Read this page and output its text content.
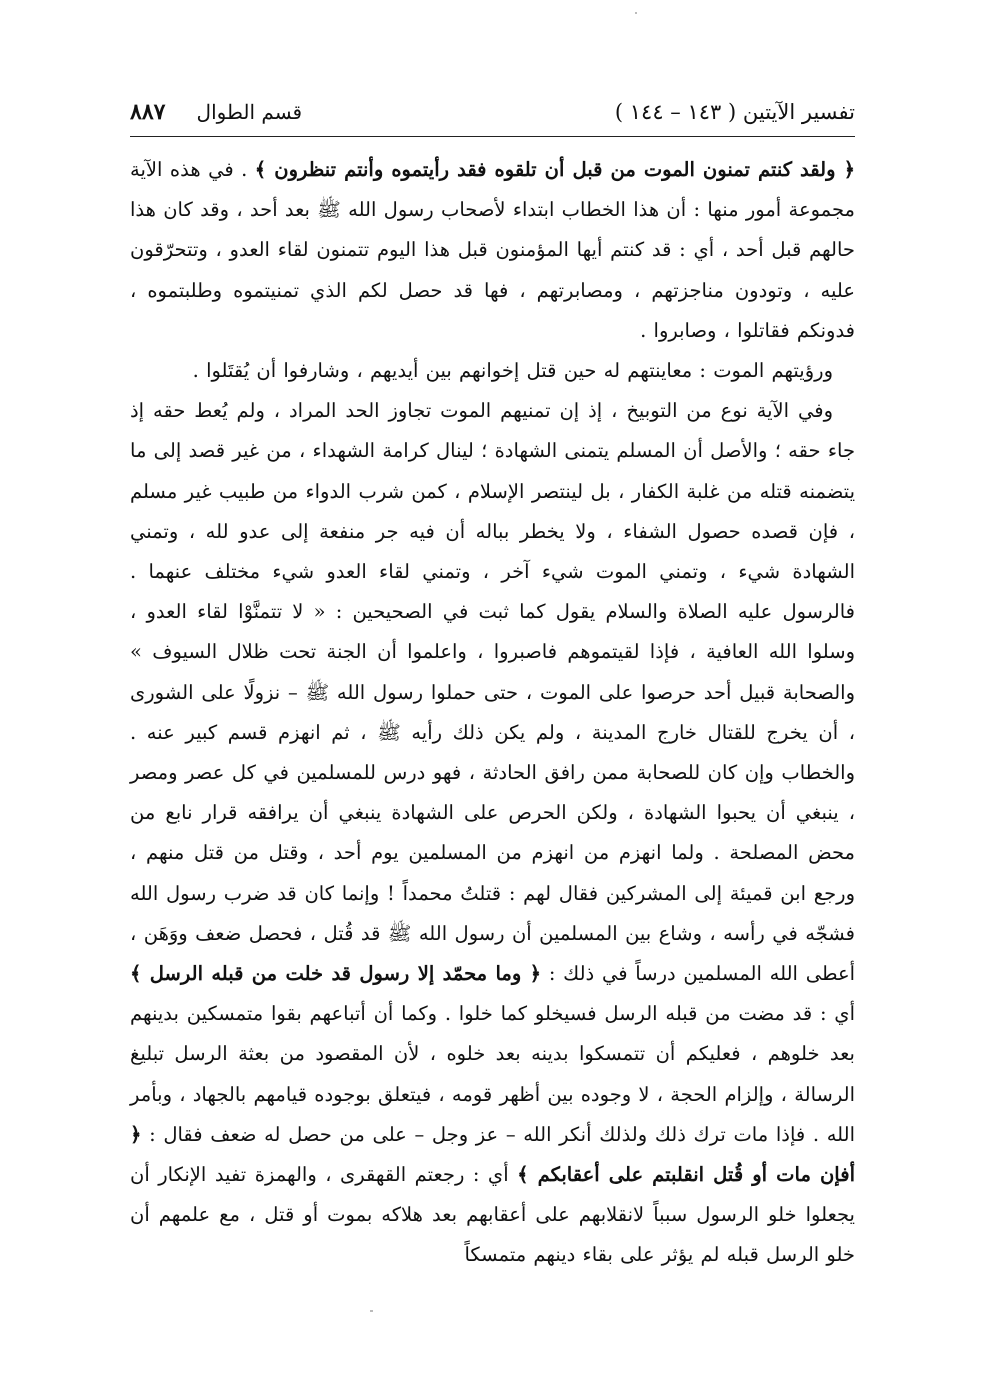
تفسير الآيتين ( ١٤٣ – ١٤٤ )
قسم الطوال ٨٨٧

﴿ ولقد كنتم تمنون الموت من قبل أن تلقوه فقد رأيتموه وأنتم تنظرون ﴾ . في هذه الآية مجموعة أمور منها : أن هذا الخطاب ابتداء لأصحاب رسول الله ﷺ بعد أحد ، وقد كان هذا حالهم قبل أحد ، أي : قد كنتم أيها المؤمنون قبل هذا اليوم تتمنون لقاء العدو ، وتتحرّقون عليه ، وتودون مناجزتهم ، ومصابرتهم ، فها قد حصل لكم الذي تمنيتموه وطلبتموه ، فدونكم فقاتلوا ، وصابروا .

ورؤيتهم الموت : معاينتهم له حين قتل إخوانهم بين أيديهم ، وشارفوا أن يُقتَلوا .

وفي الآية نوع من التوبيخ ، إذ إن تمنيهم الموت تجاوز الحد المراد ، ولم يُعط حقه إذ جاء حقه ؛ والأصل أن المسلم يتمنى الشهادة ؛ لينال كرامة الشهداء ، من غير قصد إلى ما يتضمنه قتله من غلبة الكفار ، بل لينتصر الإسلام ، كمن شرب الدواء من طبيب غير مسلم ، فإن قصده حصول الشفاء ، ولا يخطر بباله أن فيه جر منفعة إلى عدو لله ، وتمني الشهادة شيء ، وتمني الموت شيء آخر ، وتمني لقاء العدو شيء مختلف عنهما . فالرسول عليه الصلاة والسلام يقول كما ثبت في الصحيحين : « لا تتمنَّوْا لقاء العدو ، وسلوا الله العافية ، فإذا لقيتموهم فاصبروا ، واعلموا أن الجنة تحت ظلال السيوف » والصحابة قبيل أحد حرصوا على الموت ، حتى حملوا رسول الله ﷺ – نزولًا على الشورى ، أن يخرج للقتال خارج المدينة ، ولم يكن ذلك رأيه ﷺ ، ثم انهزم قسم كبير عنه . والخطاب وإن كان للصحابة ممن رافق الحادثة ، فهو درس للمسلمين في كل عصر ومصر ، ينبغي أن يحبوا الشهادة ، ولكن الحرص على الشهادة ينبغي أن يرافقه قرار نابع من محض المصلحة . ولما انهزم من انهزم من المسلمين يوم أحد ، وقتل من قتل منهم ، ورجع ابن قميئة إلى المشركين فقال لهم : قتلتُ محمداً ! وإنما كان قد ضرب رسول الله فشجّه في رأسه ، وشاع بين المسلمين أن رسول الله ﷺ قد قُتل ، فحصل ضعف ووَهَن ، أعطى الله المسلمين درساً في ذلك : ﴿ وما محمّد إلا رسول قد خلت من قبله الرسل ﴾ أي : قد مضت من قبله الرسل فسيخلو كما خلوا . وكما أن أتباعهم بقوا متمسكين بدينهم بعد خلوهم ، فعليكم أن تتمسكوا بدينه بعد خلوه ، لأن المقصود من بعثة الرسل تبليغ الرسالة ، وإلزام الحجة ، لا وجوده بين أظهر قومه ، فيتعلق بوجوده قيامهم بالجهاد ، وبأمر الله . فإذا مات ترك ذلك ولذلك أنكر الله – عز وجل – على من حصل له ضعف فقال : ﴿ أفإن مات أو قُتل انقلبتم على أعقابكم ﴾ أي : رجعتم القهقرى ، والهمزة تفيد الإنكار أن يجعلوا خلو الرسول سبباً لانقلابهم على أعقابهم بعد هلاكه بموت أو قتل ، مع علمهم أن خلو الرسل قبله لم يؤثر على بقاء دينهم متمسكاً
